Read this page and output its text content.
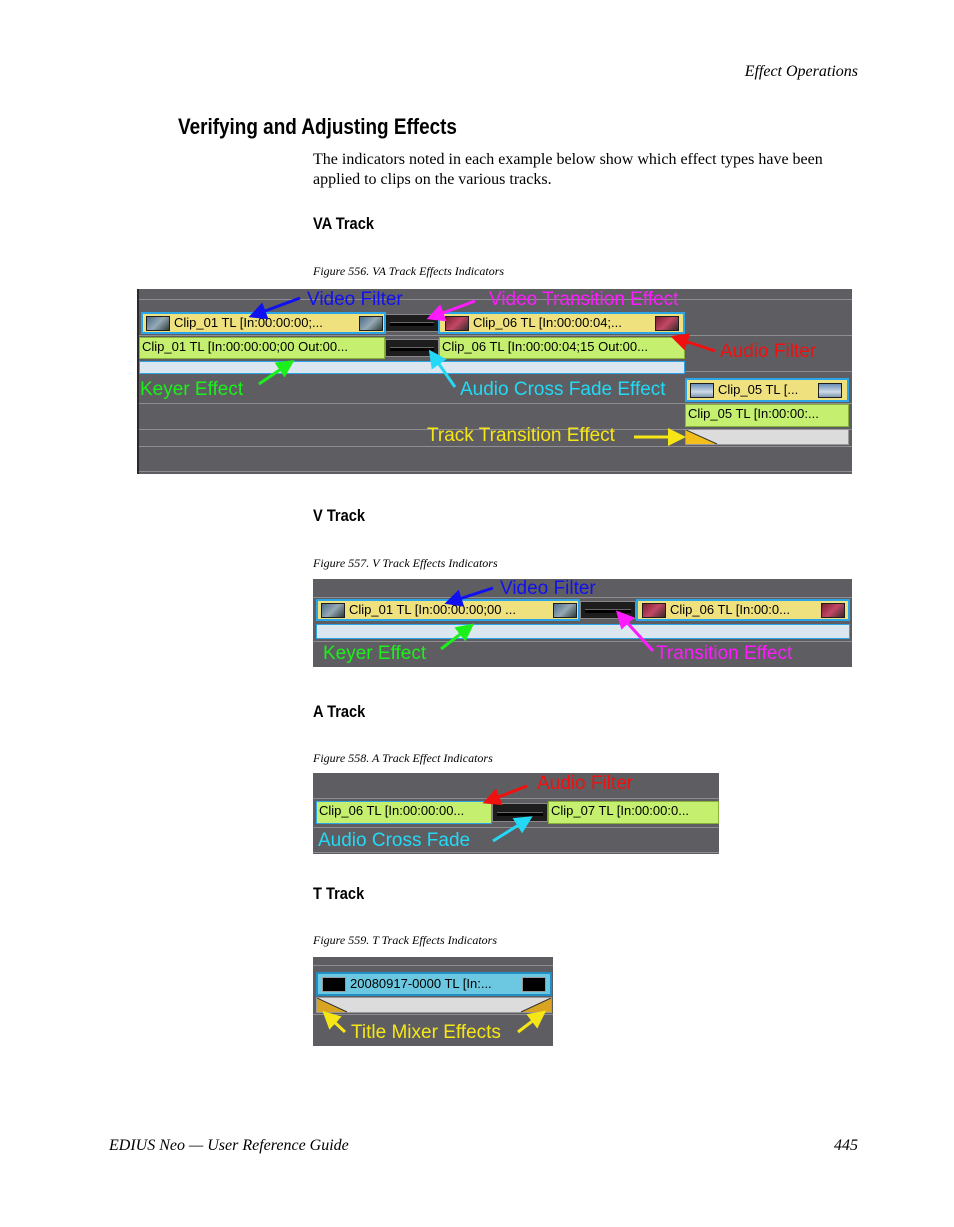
Effect Operations
Verifying and Adjusting Effects
The indicators noted in each example below show which effect types have been applied to clips on the various tracks.
VA Track
Figure 556. VA Track Effects Indicators
Clip_01 TL [In:00:00:00;...	Clip_06 TL [In:00:00:04;...
Clip_01 TL [In:00:00:00;00 Out:00...	Clip_06 TL [In:00:00:04;15 Out:00...
Clip_05 TL [...
Clip_05 TL [In:00:00:...
Video Filter	Video Transition Effect
Audio Filter
Keyer Effect	Audio Cross Fade Effect
Track Transition Effect
V Track
Figure 557. V Track Effects Indicators
Clip_01 TL [In:00:00:00;00 ...	Clip_06 TL [In:00:0...
Video Filter
Keyer Effect	Transition Effect
A Track
Figure 558. A Track Effect Indicators
Clip_06 TL [In:00:00:00...	Clip_07 TL [In:00:00:0...
Audio Filter
Audio Cross Fade
T Track
Figure 559. T Track Effects Indicators
20080917-0000 TL [In:...
Title Mixer Effects
EDIUS Neo — User Reference Guide	445
